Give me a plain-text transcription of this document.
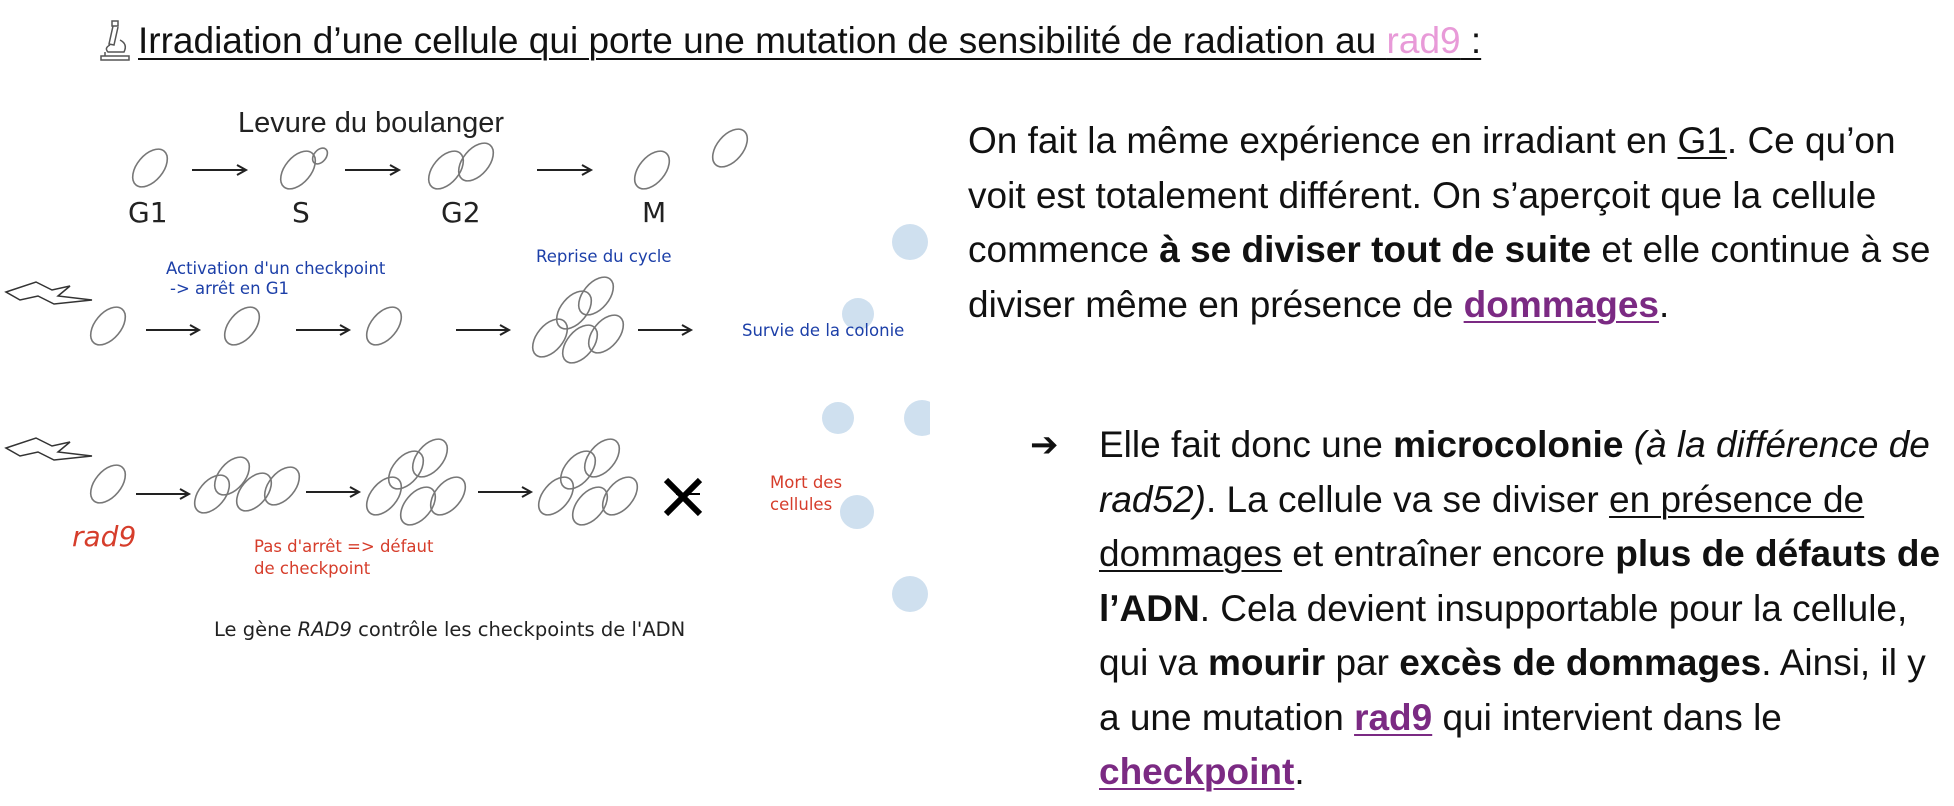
Irradiation d’une cellule qui porte une mutation de sensibilité de radiation au rad9 :
Levure du boulanger
G1	S	G2	M
Activation d'un checkpoint
-> arrêt en G1
Reprise du cycle
Survie de la colonie
Mort des
cellules
rad9	Pas d'arrêt => défaut
de checkpoint
Le gène RAD9 contrôle les checkpoints de l'ADN
On fait la même expérience en irradiant en G1. Ce qu’on voit est totalement différent. On s’aperçoit que la cellule commence à se diviser tout de suite et elle continue à se diviser même en présence de dommages.
➔ Elle fait donc une microcolonie (à la différence de rad52). La cellule va se diviser en présence de dommages et entraîner encore plus de défauts de l’ADN. Cela devient insupportable pour la cellule, qui va mourir par excès de dommages. Ainsi, il y a une mutation rad9 qui intervient dans le checkpoint.
